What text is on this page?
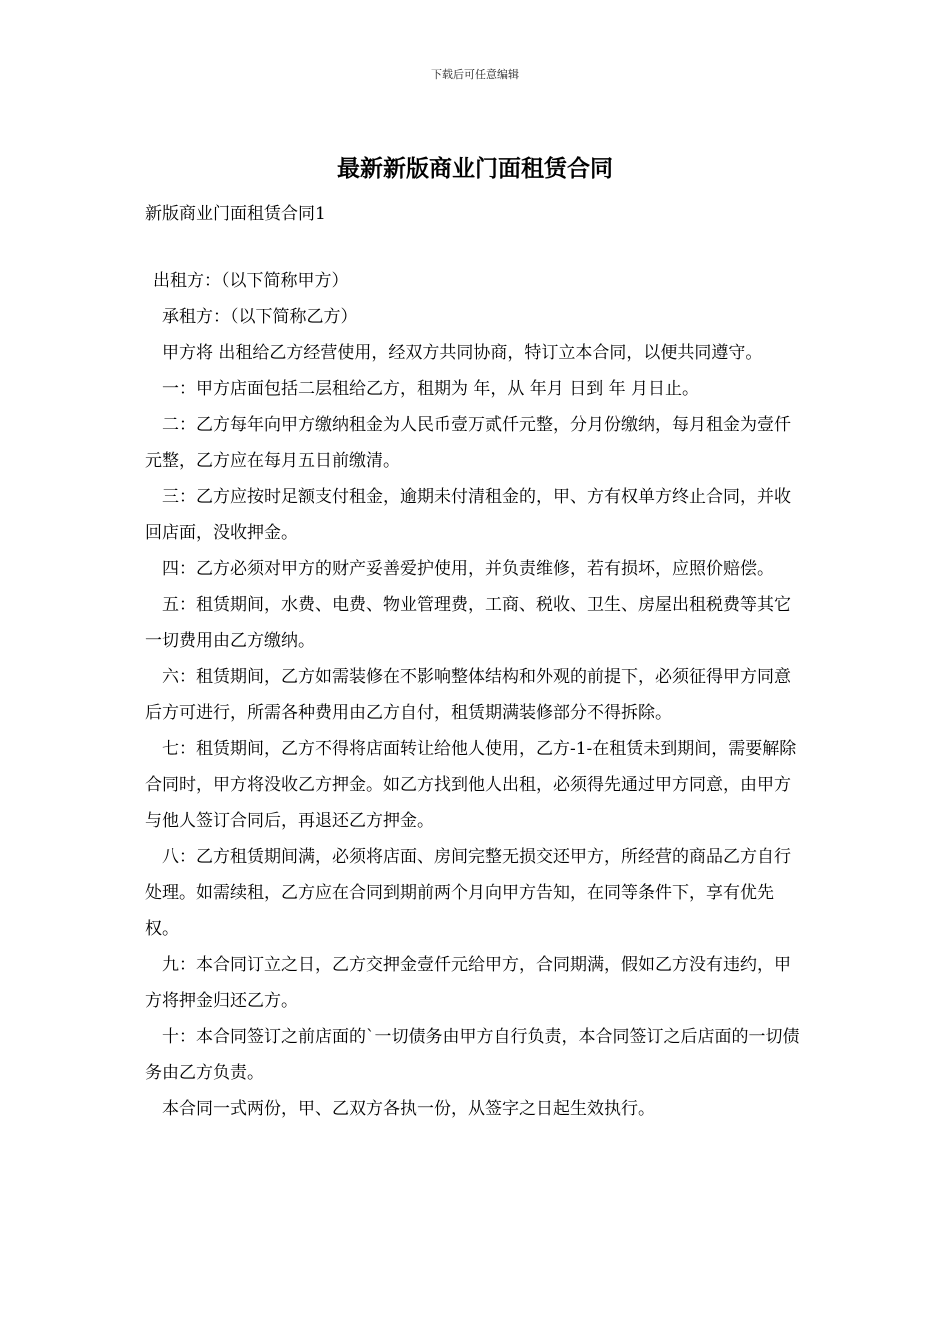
下载后可任意编辑
最新新版商业门面租赁合同
新版商业门面租赁合同1

出租方：（以下简称甲方）

承租方：（以下简称乙方）

甲方将 出租给乙方经营使用，经双方共同协商，特订立本合同，以便共同遵守。

一：甲方店面包括二层租给乙方，租期为 年，从 年月 日到 年 月日止。

二：乙方每年向甲方缴纳租金为人民币壹万贰仟元整，分月份缴纳，每月租金为壹仟元整，乙方应在每月五日前缴清。

三：乙方应按时足额支付租金，逾期未付清租金的，甲、方有权单方终止合同，并收回店面，没收押金。

四：乙方必须对甲方的财产妥善爱护使用，并负责维修，若有损坏，应照价赔偿。

五：租赁期间，水费、电费、物业管理费，工商、税收、卫生、房屋出租税费等其它一切费用由乙方缴纳。

六：租赁期间，乙方如需装修在不影响整体结构和外观的前提下，必须征得甲方同意后方可进行，所需各种费用由乙方自付，租赁期满装修部分不得拆除。

七：租赁期间，乙方不得将店面转让给他人使用，乙方-1-在租赁未到期间，需要解除合同时，甲方将没收乙方押金。如乙方找到他人出租，必须得先通过甲方同意，由甲方与他人签订合同后，再退还乙方押金。

八：乙方租赁期间满，必须将店面、房间完整无损交还甲方，所经营的商品乙方自行处理。如需续租，乙方应在合同到期前两个月向甲方告知，在同等条件下，享有优先权。

九：本合同订立之日，乙方交押金壹仟元给甲方，合同期满，假如乙方没有违约，甲方将押金归还乙方。

十：本合同签订之前店面的`一切债务由甲方自行负责，本合同签订之后店面的一切债务由乙方负责。

本合同一式两份，甲、乙双方各执一份，从签字之日起生效执行。
